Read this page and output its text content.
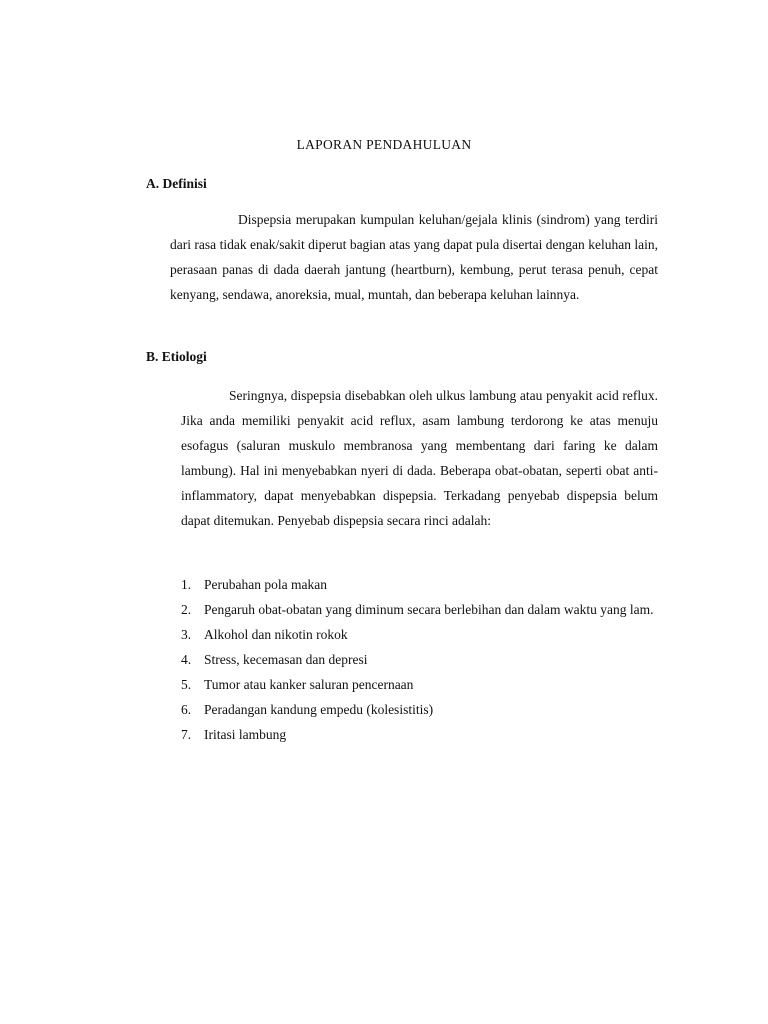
LAPORAN PENDAHULUAN
A. Definisi

Dispepsia merupakan kumpulan keluhan/gejala klinis (sindrom) yang terdiri dari rasa tidak enak/sakit diperut bagian atas yang dapat pula disertai dengan keluhan lain, perasaan panas di dada daerah jantung (heartburn), kembung, perut terasa penuh, cepat kenyang, sendawa, anoreksia, mual, muntah, dan beberapa keluhan lainnya.

B. Etiologi

Seringnya, dispepsia disebabkan oleh ulkus lambung atau penyakit acid reflux. Jika anda memiliki penyakit acid reflux, asam lambung terdorong ke atas menuju esofagus (saluran muskulo membranosa yang membentang dari faring ke dalam lambung). Hal ini menyebabkan nyeri di dada. Beberapa obat-obatan, seperti obat anti-inflammatory, dapat menyebabkan dispepsia. Terkadang penyebab dispepsia belum dapat ditemukan. Penyebab dispepsia secara rinci adalah:

1. Perubahan pola makan
2. Pengaruh obat-obatan yang diminum secara berlebihan dan dalam waktu yang lam.
3. Alkohol dan nikotin rokok
4. Stress, kecemasan dan depresi
5. Tumor atau kanker saluran pencernaan
6. Peradangan kandung empedu (kolesistitis)
7. Iritasi lambung
